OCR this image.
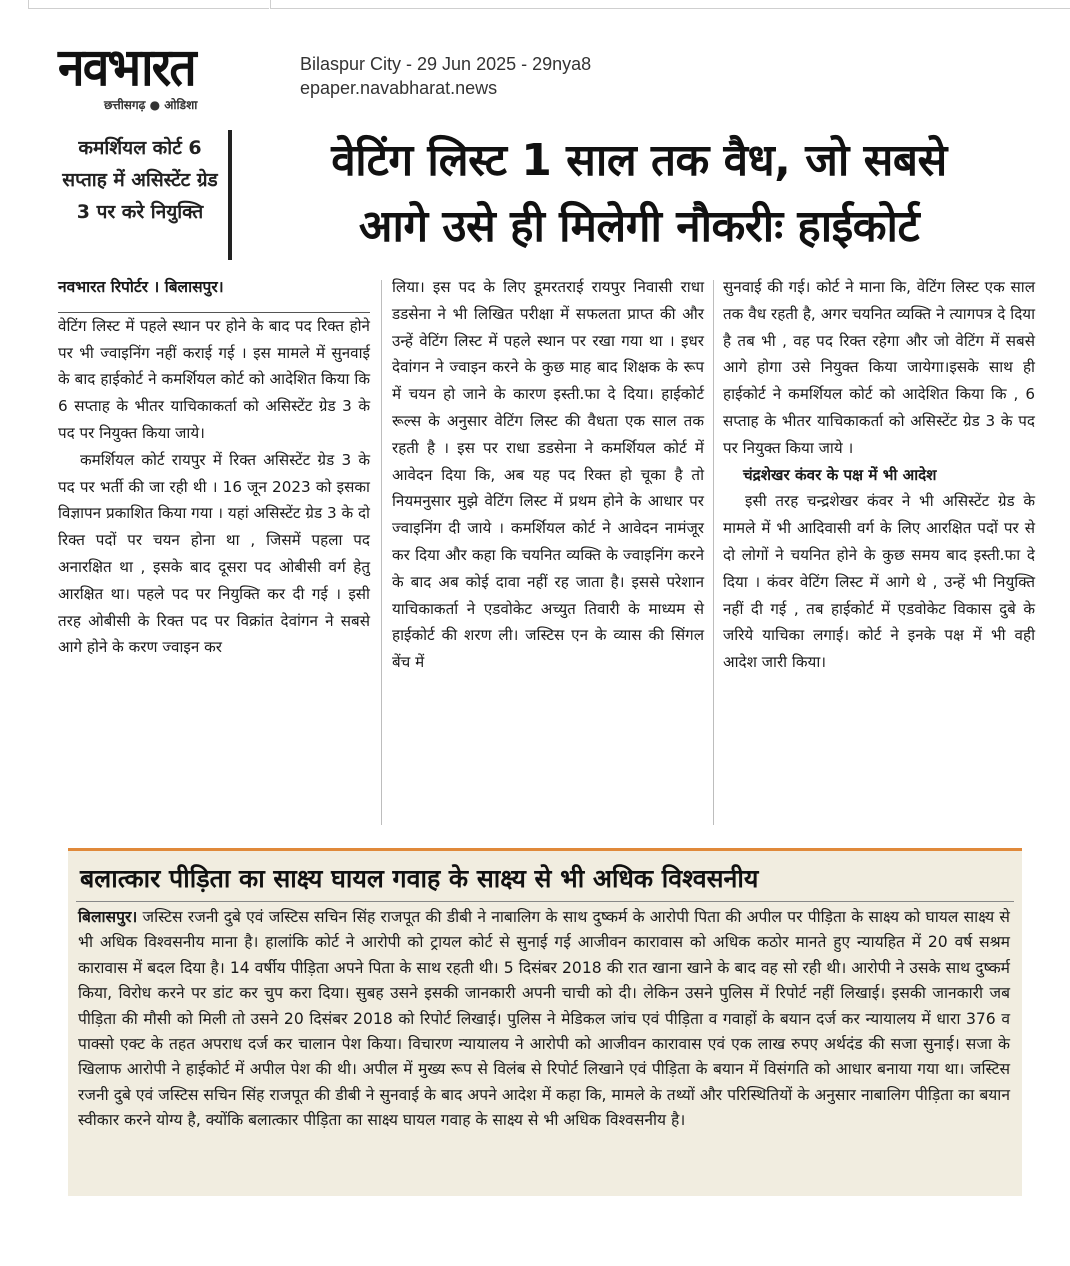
नवभारत
छत्तीसगढ़ ● ओडिशा
Bilaspur City - 29 Jun 2025 - 29nya8
epaper.navabharat.news
कमर्शियल कोर्ट 6 सप्ताह में असिस्टेंट ग्रेड 3 पर करे नियुक्ति
वेटिंग लिस्ट 1 साल तक वैध, जो सबसे
आगे उसे ही मिलेगी नौकरीः हाईकोर्ट

नवभारत रिपोर्टर । बिलासपुर।

वेटिंग लिस्ट में पहले स्थान पर होने के बाद पद रिक्त होने पर भी ज्वाइनिंग नहीं कराई गई । इस मामले में सुनवाई के बाद हाईकोर्ट ने कमर्शियल कोर्ट को आदेशित किया कि 6 सप्ताह के भीतर याचिकाकर्ता को असिस्टेंट ग्रेड 3 के पद पर नियुक्त किया जाये।

कमर्शियल कोर्ट रायपुर में रिक्त असिस्टेंट ग्रेड 3 के पद पर भर्ती की जा रही थी । 16 जून 2023 को इसका विज्ञापन प्रकाशित किया गया । यहां असिस्टेंट ग्रेड 3 के दो रिक्त पदों पर चयन होना था , जिसमें पहला पद अनारक्षित था , इसके बाद दूसरा पद ओबीसी वर्ग हेतु आरक्षित था। पहले पद पर नियुक्ति कर दी गई । इसी तरह ओबीसी के रिक्त पद पर विक्रांत देवांगन ने सबसे आगे होने के करण ज्वाइन कर

लिया। इस पद के लिए डूमरतराई रायपुर निवासी राधा डडसेना ने भी लिखित परीक्षा में सफलता प्राप्त की और उन्हें वेटिंग लिस्ट में पहले स्थान पर रखा गया था । इधर देवांगन ने ज्वाइन करने के कुछ माह बाद शिक्षक के रूप में चयन हो जाने के कारण इस्ती.फा दे दिया। हाईकोर्ट रूल्स के अनुसार वेटिंग लिस्ट की वैधता एक साल तक रहती है । इस पर राधा डडसेना ने कमर्शियल कोर्ट में आवेदन दिया कि, अब यह पद रिक्त हो चूका है तो नियमनुसार मुझे वेटिंग लिस्ट में प्रथम होने के आधार पर ज्वाइनिंग दी जाये । कमर्शियल कोर्ट ने आवेदन नामंजूर कर दिया और कहा कि चयनित व्यक्ति के ज्वाइनिंग करने के बाद अब कोई दावा नहीं रह जाता है। इससे परेशान याचिकाकर्ता ने एडवोकेट अच्युत तिवारी के माध्यम से हाईकोर्ट की शरण ली। जस्टिस एन के व्यास की सिंगल बेंच में

सुनवाई की गई। कोर्ट ने माना कि, वेटिंग लिस्ट एक साल तक वैध रहती है, अगर चयनित व्यक्ति ने त्यागपत्र दे दिया है तब भी , वह पद रिक्त रहेगा और जो वेटिंग में सबसे आगे होगा उसे नियुक्त किया जायेगा।इसके साथ ही हाईकोर्ट ने कमर्शियल कोर्ट को आदेशित किया कि , 6 सप्ताह के भीतर याचिकाकर्ता को असिस्टेंट ग्रेड 3 के पद पर नियुक्त किया जाये ।

चंद्रशेखर कंवर के पक्ष में भी आदेश

इसी तरह चन्द्रशेखर कंवर ने भी असिस्टेंट ग्रेड के मामले में भी आदिवासी वर्ग के लिए आरक्षित पदों पर से दो लोगों ने चयनित होने के कुछ समय बाद इस्ती.फा दे दिया । कंवर वेटिंग लिस्ट में आगे थे , उन्हें भी नियुक्ति नहीं दी गई , तब हाईकोर्ट में एडवोकेट विकास दुबे के जरिये याचिका लगाई। कोर्ट ने इनके पक्ष में भी वही आदेश जारी किया।

बलात्कार पीड़िता का साक्ष्य घायल गवाह के साक्ष्य से भी अधिक विश्वसनीय
बिलासपुर। जस्टिस रजनी दुबे एवं जस्टिस सचिन सिंह राजपूत की डीबी ने नाबालिग के साथ दुष्कर्म के आरोपी पिता की अपील पर पीड़िता के साक्ष्य को घायल साक्ष्य से भी अधिक विश्वसनीय माना है। हालांकि कोर्ट ने आरोपी को ट्रायल कोर्ट से सुनाई गई आजीवन कारावास को अधिक कठोर मानते हुए न्यायहित में 20 वर्ष सश्रम कारावास में बदल दिया है। 14 वर्षीय पीड़िता अपने पिता के साथ रहती थी। 5 दिसंबर 2018 की रात खाना खाने के बाद वह सो रही थी। आरोपी ने उसके साथ दुष्कर्म किया, विरोध करने पर डांट कर चुप करा दिया। सुबह उसने इसकी जानकारी अपनी चाची को दी। लेकिन उसने पुलिस में रिपोर्ट नहीं लिखाई। इसकी जानकारी जब पीड़िता की मौसी को मिली तो उसने 20 दिसंबर 2018 को रिपोर्ट लिखाई। पुलिस ने मेडिकल जांच एवं पीड़िता व गवाहों के बयान दर्ज कर न्यायालय में धारा 376 व पाक्सो एक्ट के तहत अपराध दर्ज कर चालान पेश किया। विचारण न्यायालय ने आरोपी को आजीवन कारावास एवं एक लाख रुपए अर्थदंड की सजा सुनाई। सजा के खिलाफ आरोपी ने हाईकोर्ट में अपील पेश की थी। अपील में मुख्य रूप से विलंब से रिपोर्ट लिखाने एवं पीड़िता के बयान में विसंगति को आधार बनाया गया था। जस्टिस रजनी दुबे एवं जस्टिस सचिन सिंह राजपूत की डीबी ने सुनवाई के बाद अपने आदेश में कहा कि, मामले के तथ्यों और परिस्थितियों के अनुसार नाबालिग पीड़िता का बयान स्वीकार करने योग्य है, क्योंकि बलात्कार पीड़िता का साक्ष्य घायल गवाह के साक्ष्य से भी अधिक विश्वसनीय है।
